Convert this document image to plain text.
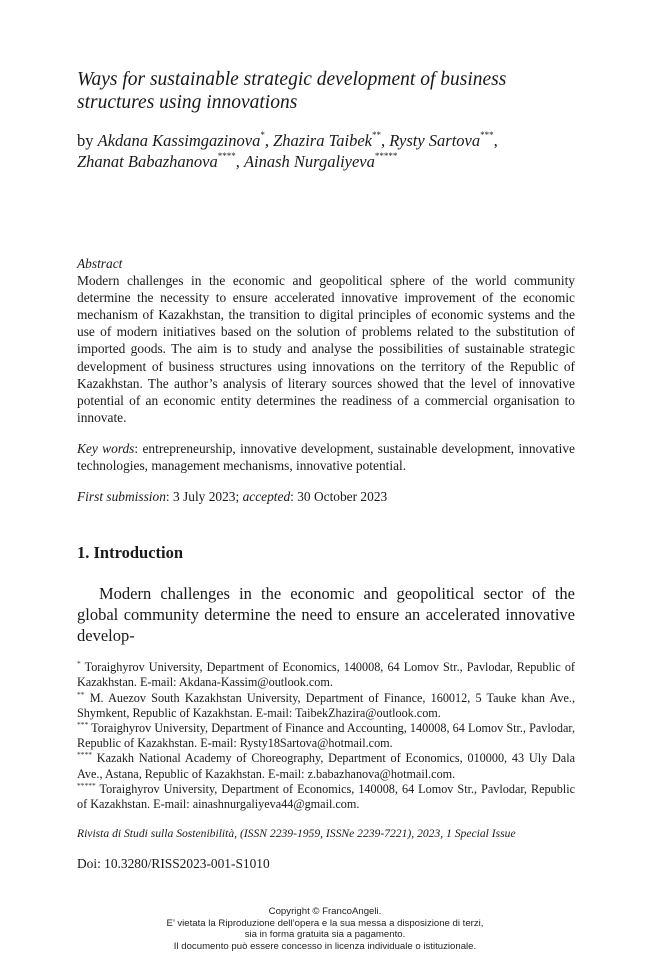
Ways for sustainable strategic development of business structures using innovations
by Akdana Kassimgazinova*, Zhazira Taibek**, Rysty Sartova***,
Zhanat Babazhanova****, Ainash Nurgaliyeva*****
Abstract
Modern challenges in the economic and geopolitical sphere of the world community determine the necessity to ensure accelerated innovative improvement of the economic mechanism of Kazakhstan, the transition to digital principles of economic systems and the use of modern initiatives based on the solution of problems related to the substitution of imported goods. The aim is to study and analyse the possibilities of sustainable strategic development of business structures using innovations on the territory of the Republic of Kazakhstan. The author’s analysis of literary sources showed that the level of innovative potential of an economic entity determines the readiness of a commercial organisation to innovate.
Key words: entrepreneurship, innovative development, sustainable development, innovative technologies, management mechanisms, innovative potential.
First submission: 3 July 2023; accepted: 30 October 2023
1. Introduction
Modern challenges in the economic and geopolitical sector of the global community determine the need to ensure an accelerated innovative develop-
* Toraighyrov University, Department of Economics, 140008, 64 Lomov Str., Pavlodar, Republic of Kazakhstan. E-mail: Akdana-Kassim@outlook.com.
** M. Auezov South Kazakhstan University, Department of Finance, 160012, 5 Tauke khan Ave., Shymkent, Republic of Kazakhstan. E-mail: TaibekZhazira@outlook.com.
*** Toraighyrov University, Department of Finance and Accounting, 140008, 64 Lomov Str., Pavlodar, Republic of Kazakhstan. E-mail: Rysty18Sartova@hotmail.com.
**** Kazakh National Academy of Choreography, Department of Economics, 010000, 43 Uly Dala Ave., Astana, Republic of Kazakhstan. E-mail: z.babazhanova@hotmail.com.
***** Toraighyrov University, Department of Economics, 140008, 64 Lomov Str., Pavlodar, Republic of Kazakhstan. E-mail: ainashnurgaliyeva44@gmail.com.
Rivista di Studi sulla Sostenibilità, (ISSN 2239-1959, ISSNe 2239-7221), 2023, 1 Special Issue
Doi: 10.3280/RISS2023-001-S1010
Copyright © FrancoAngeli.
E’ vietata la Riproduzione dell’opera e la sua messa a disposizione di terzi,
sia in forma gratuita sia a pagamento.
Il documento può essere concesso in licenza individuale o istituzionale.
